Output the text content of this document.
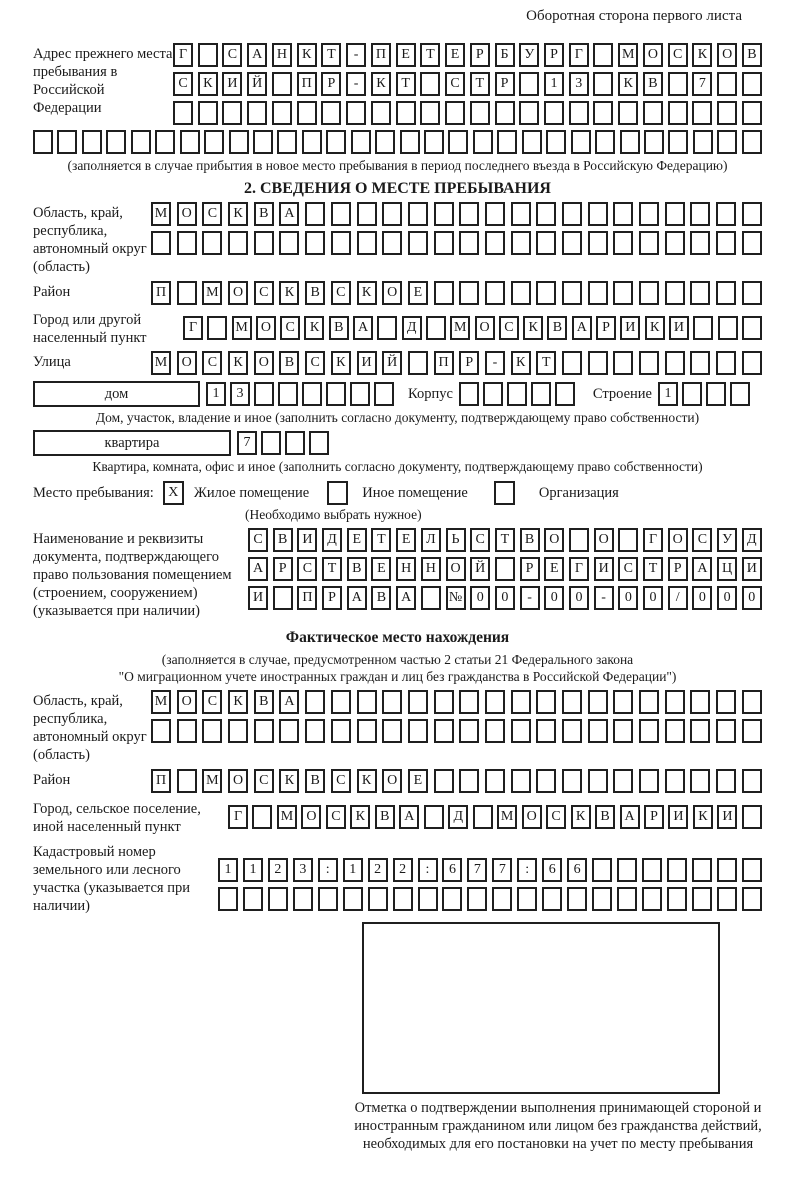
Оборотная сторона первого листа
Адрес прежнего места пребывания в Российской Федерации
Г	С	А	Н	К	Т	-	П	Е	Т	Е	Р	Б	У	Р	Г	М О	С	К	О	В
С	К	И	Й	П	Р	-	К	Т	С	Т	Р	1	3	К	В	7
(заполняется в случае прибытия в новое место пребывания в период последнего въезда в Российскую Федерацию)
2. СВЕДЕНИЯ О МЕСТЕ ПРЕБЫВАНИЯ
Область, край, республика, автономный округ (область)
М	О	С	К	В	А
Район	П	М	О	С	К	В	С	К	О	Е
Город или другой населенный пункт
Г	М О	С	К	В	А	Д	М О	С	К	В	А	Р	И	К	И
Улица	М	О	С	К	О	В	С	К	И	Й	П	Р	-	К	Т
дом	1	3	Корпус	Строение 1
Дом, участок, владение и иное (заполнить согласно документу, подтверждающему право собственности)
квартира	7
Квартира, комната, офис и иное (заполнить согласно документу, подтверждающему право собственности)
Место пребывания:	X	Жилое помещение	Иное помещение	Организация
(Необходимо выбрать нужное)
Наименование и реквизиты документа, подтверждающего право пользования помещением (строением, сооружением) (указывается при наличии)
С	В	И	Д	Е	Т	Е	Л	Ь	С	Т	В	О	О	Г	О	С	У	Д
А	Р	С	Т	В	Е	Н	Н	О	Й	Р	Е	Г	И	С	Т	Р	А	Ц	И
И	П	Р	А	В	А	№	0	0	-	0	0	-	0	0	/	0	0	0
Фактическое место нахождения
(заполняется в случае, предусмотренном частью 2 статьи 21 Федерального закона
"О миграционном учете иностранных граждан и лиц без гражданства в Российской Федерации")
Область, край, республика, автономный округ (область)
М	О	С	К	В	А
Район	П	М	О	С	К	В	С	К	О	Е
Город, сельское поселение, иной населенный пункт
Г	М О	С	К	В	А	Д	М О	С	К	В	А	Р	И	К	И
Кадастровый номер земельного или лесного участка (указывается при наличии)
1	1	2	3	:	1	2	2	:	6	7	7	:	6	6
Отметка о подтверждении выполнения принимающей стороной и иностранным гражданином или лицом без гражданства действий, необходимых для его постановки на учет по месту пребывания
